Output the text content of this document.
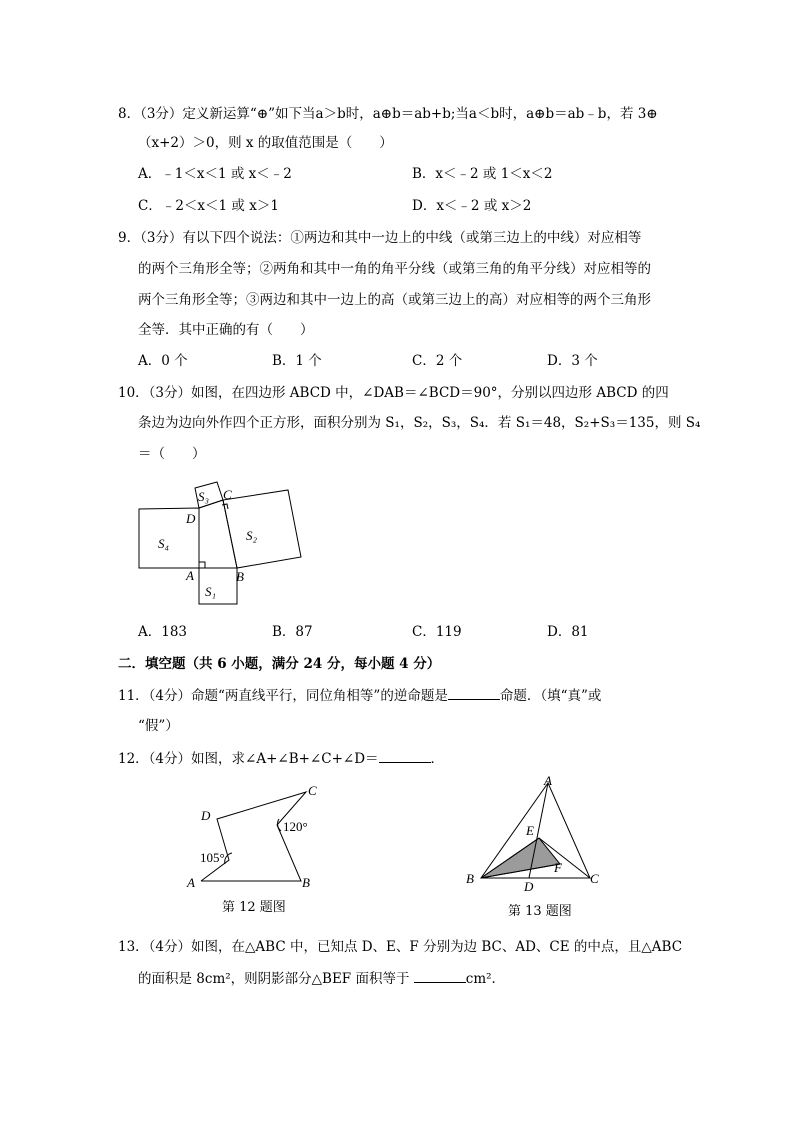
8．（3分）定义新运算“⊕”如下当a＞b时，a⊕b＝ab+b;当a＜b时，a⊕b＝ab﹣b，若 3⊕
（x+2）＞0，则 x 的取值范围是（　　）
A．﹣1＜x＜1 或 x＜﹣2	B．x＜﹣2 或 1＜x＜2
C．﹣2＜x＜1 或 x＞1	D．x＜﹣2 或 x＞2
9．（3分）有以下四个说法：①两边和其中一边上的中线（或第三边上的中线）对应相等
的两个三角形全等；②两角和其中一角的角平分线（或第三角的角平分线）对应相等的
两个三角形全等；③两边和其中一边上的高（或第三边上的高）对应相等的两个三角形
全等．其中正确的有（　　）
A．0 个	B．1 个	C．2 个	D．3 个
10．（3分）如图，在四边形 ABCD 中，∠DAB＝∠BCD＝90°，分别以四边形 ABCD 的四
条边为边向外作四个正方形，面积分别为 S₁，S₂，S₃，S₄．若 S₁＝48，S₂+S₃＝135，则 S₄
＝（　　）
A	B
C
D
S₁
S₂
S₃
S₄
A．183	B．87	C．119	D．81
二．填空题（共 6 小题，满分 24 分，每小题 4 分）
11．（4分）命题“两直线平行，同位角相等”的逆命题是	命题．（填“真”或
“假”）
12．（4分）如图，求∠A+∠B+∠C+∠D＝	．
A	B
C
D
105°
120°
第 12 题图
A
B	C
D
E
F
第 13 题图
13．（4分）如图，在△ABC 中，已知点 D、E、F 分别为边 BC、AD、CE 的中点，且△ABC
的面积是 8cm²，则阴影部分△BEF 面积等于	cm²．
